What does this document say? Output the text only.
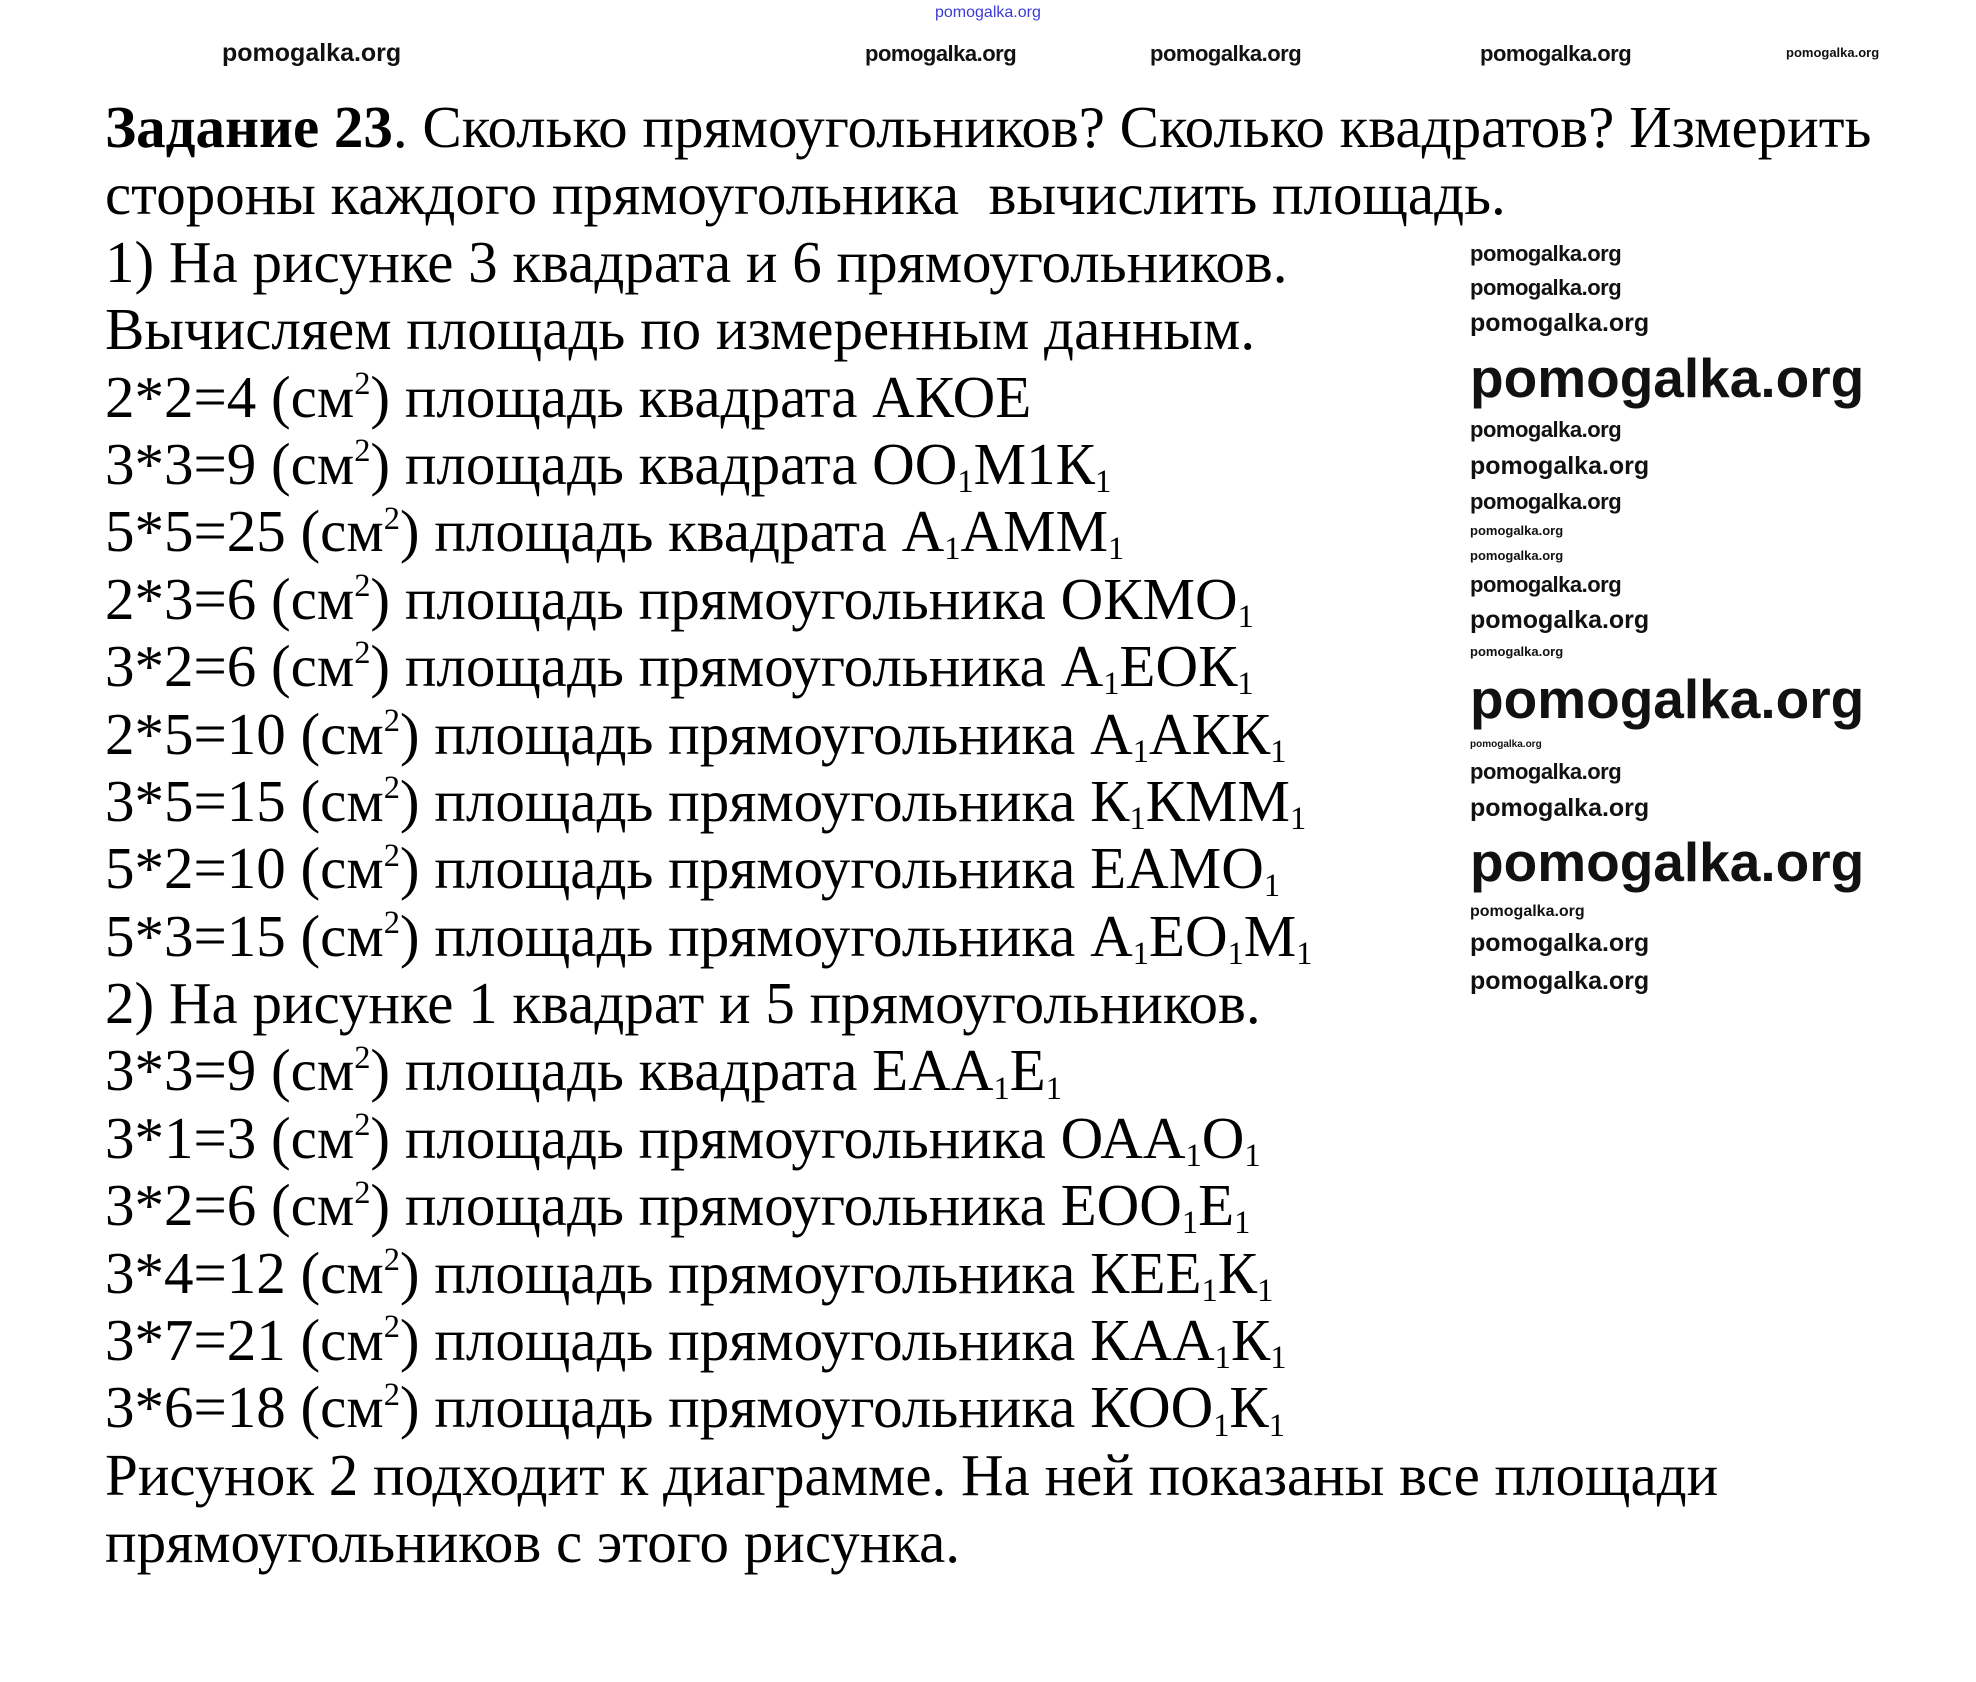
Задание 23. Сколько прямоугольников? Сколько квадратов? Измерить
стороны каждого прямоугольника  вычислить площадь.
1) На рисунке 3 квадрата и 6 прямоугольников.
Вычисляем площадь по измеренным данным.
2*2=4 $(см^2)$ площадь квадрата АКОЕ
3*3=9 $(см^2)$ площадь квадрата $ОО_1М1К_1$
5*5=25 $(см^2)$ площадь квадрата $А_1АММ_1$
2*3=6 $(см^2)$ площадь прямоугольника $ОКМО_1$
3*2=6 $(см^2)$ площадь прямоугольника $А_1ЕОК_1$
2*5=10 $(см^2)$ площадь прямоугольника $А_1АКК_1$
3*5=15 $(см^2)$ площадь прямоугольника $К_1КММ_1$
5*2=10 $(см^2)$ площадь прямоугольника $ЕАМО_1$
5*3=15 $(см^2)$ площадь прямоугольника $А_1ЕО_1М_1$
2) На рисунке 1 квадрат и 5 прямоугольников.
3*3=9 $(см^2)$ площадь квадрата $ЕАА_1Е_1$
3*1=3 $(см^2)$ площадь прямоугольника $ОАА_1О_1$
3*2=6 $(см^2)$ площадь прямоугольника $ЕОО_1Е_1$
3*4=12 $(см^2)$ площадь прямоугольника $КЕЕ_1К_1$
3*7=21 $(см^2)$ площадь прямоугольника $КАА_1К_1$
3*6=18 $(см^2)$ площадь прямоугольника $КОО_1К_1$
Рисунок 2 подходит к диаграмме. На ней показаны все площади
прямоугольников с этого рисунка.
pomogalka.org
pomogalka.org	pomogalka.org	pomogalka.org	pomogalka.org	pomogalka.org
pomogalka.org
pomogalka.org
pomogalka.org
pomogalka.org
pomogalka.org
pomogalka.org
pomogalka.org
pomogalka.org
pomogalka.org
pomogalka.org
pomogalka.org
pomogalka.org
pomogalka.org
pomogalka.org
pomogalka.org
pomogalka.org
pomogalka.org
pomogalka.org
pomogalka.org
pomogalka.org
